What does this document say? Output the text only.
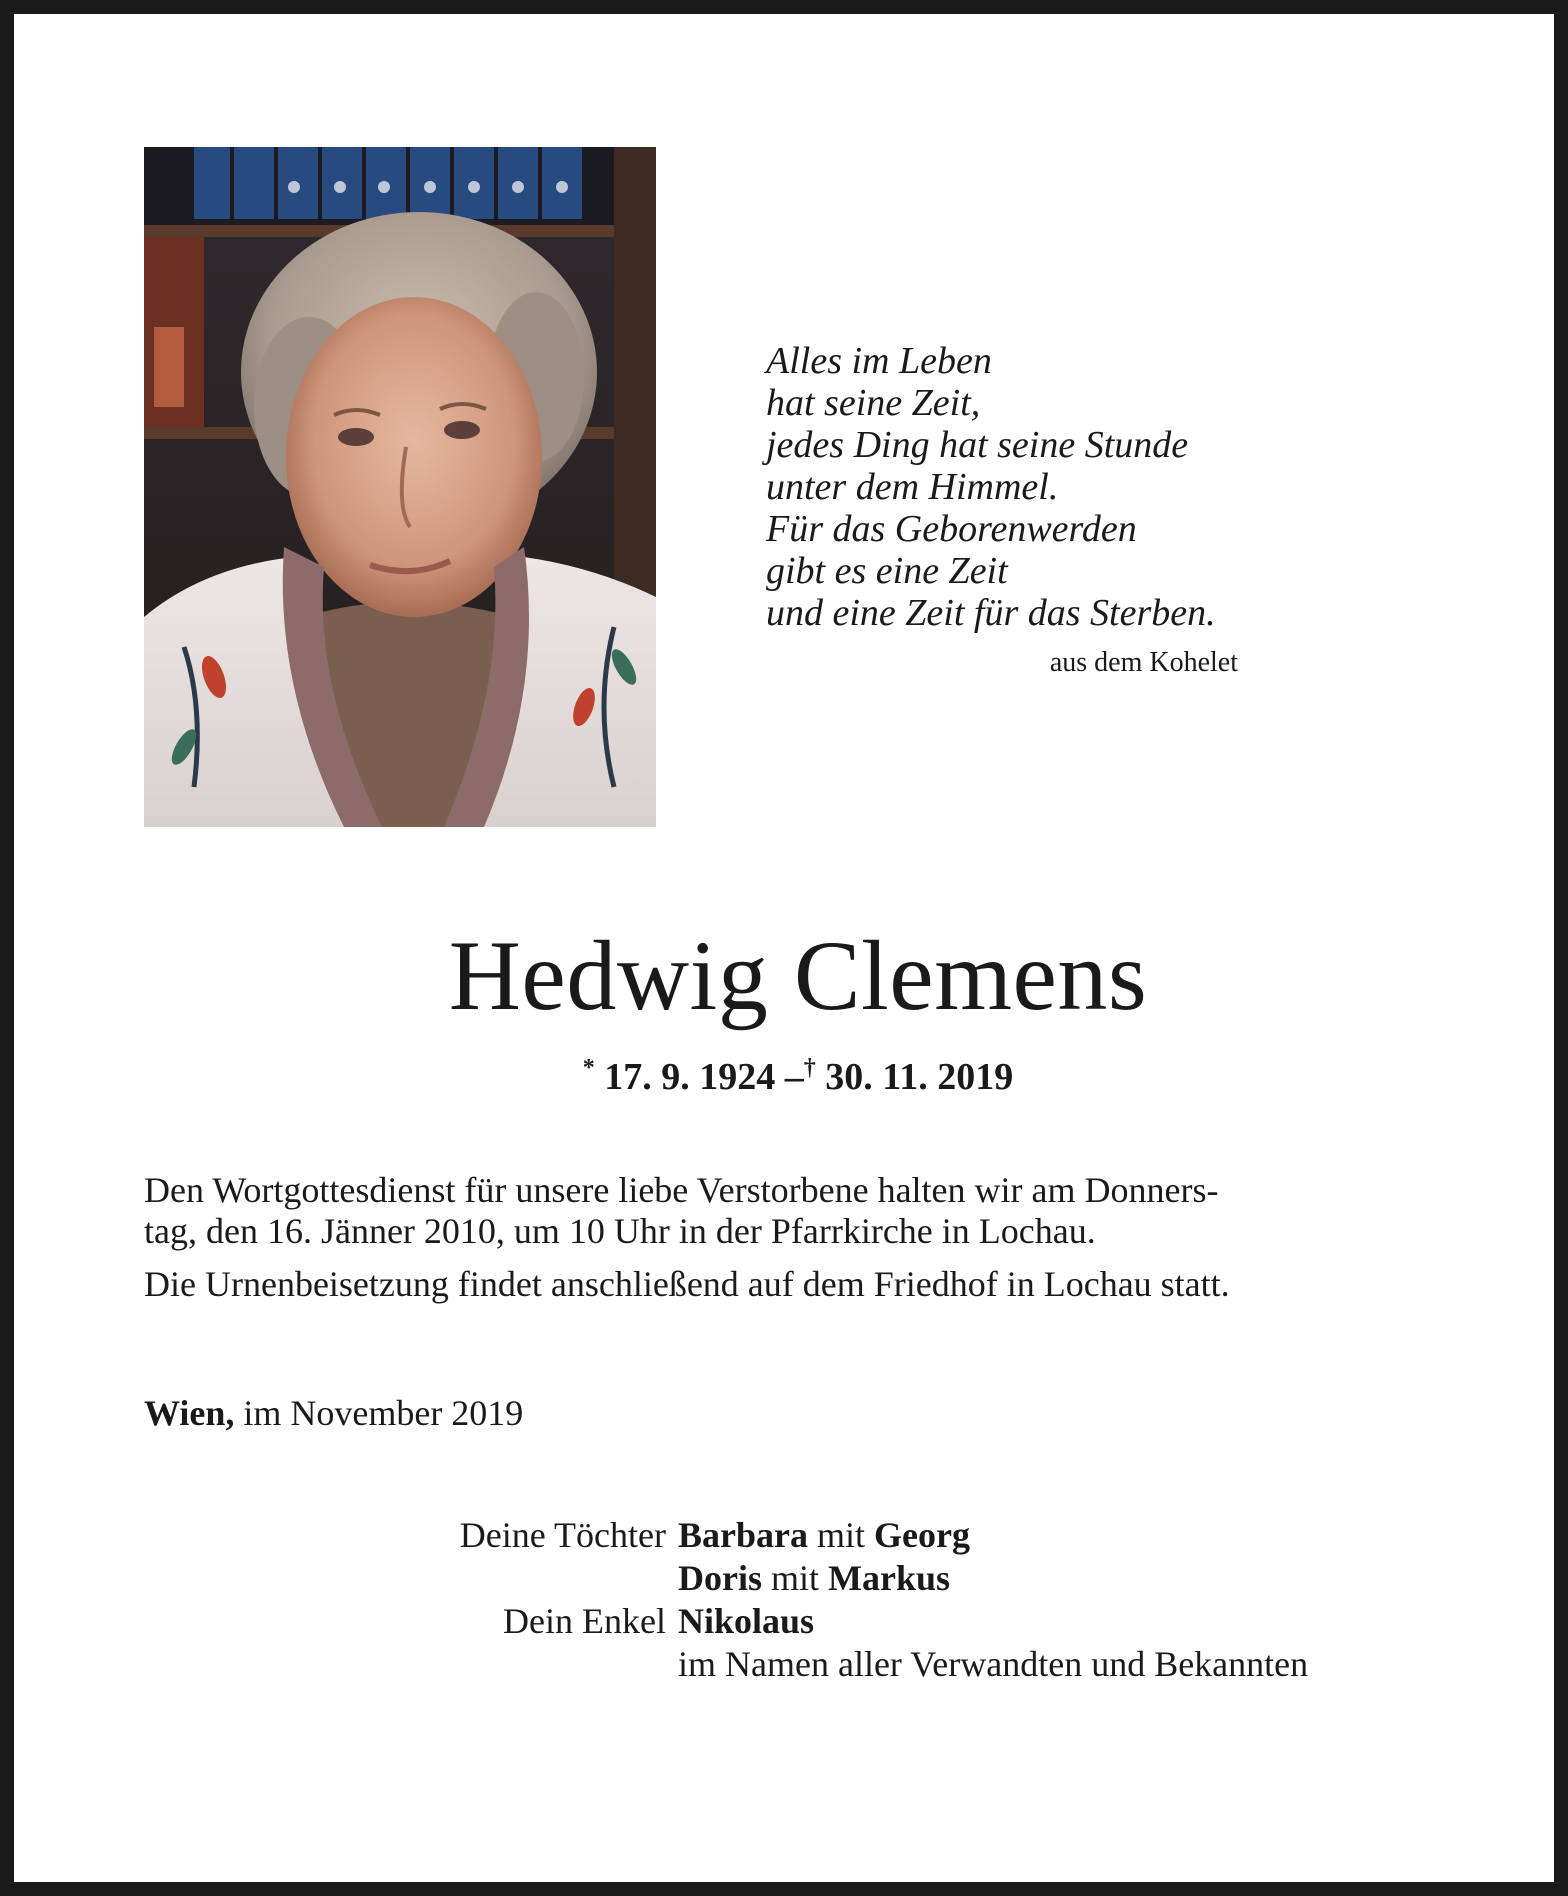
Alles im Leben
hat seine Zeit,
jedes Ding hat seine Stunde
unter dem Himmel.
Für das Geborenwerden
gibt es eine Zeit
und eine Zeit für das Sterben.
aus dem Kohelet
Hedwig Clemens
* 17. 9. 1924 –† 30. 11. 2019
Den Wortgottesdienst für unsere liebe Verstorbene halten wir am Donners-
tag, den 16. Jänner 2010, um 10 Uhr in der Pfarrkirche in Lochau.
Die Urnenbeisetzung findet anschließend auf dem Friedhof in Lochau statt.
Wien, im November 2019
Deine Töchter Barbara mit Georg
Doris mit Markus
Dein Enkel Nikolaus
im Namen aller Verwandten und Bekannten
